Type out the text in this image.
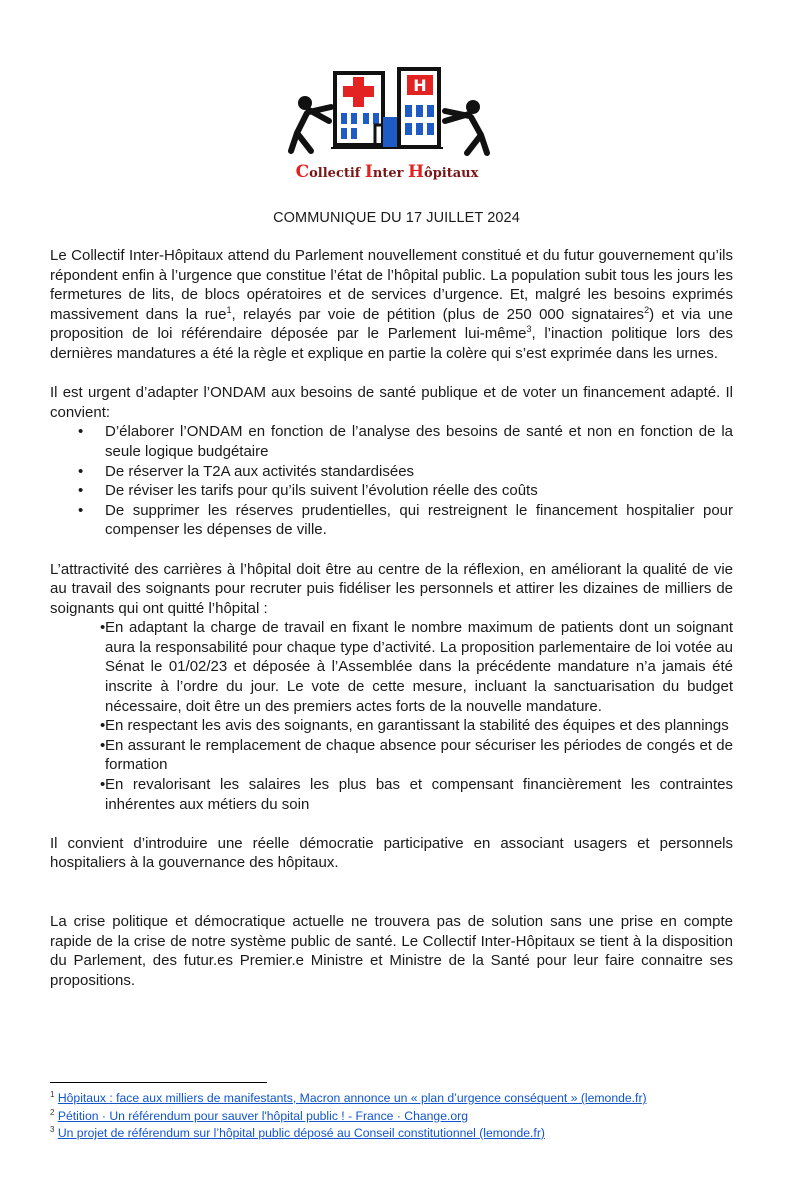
H
Collectif Inter Hôpitaux
COMMUNIQUE DU 17 JUILLET 2024

Le Collectif Inter-Hôpitaux attend du Parlement nouvellement constitué et du futur gouvernement qu’ils répondent enfin à l’urgence que constitue l’état de l’hôpital public. La population subit tous les jours les fermetures de lits, de blocs opératoires et de services d’urgence. Et, malgré les besoins exprimés massivement dans la rue$^1$, relayés par voie de pétition (plus de 250 000 signataires$^2$) et via une proposition de loi référendaire déposée par le Parlement lui-même$^3$, l’inaction politique lors des dernières mandatures a été la règle et explique en partie la colère qui s’est exprimée dans les urnes.

Il est urgent d’adapter l’ONDAM aux besoins de santé publique et de voter un financement adapté. Il convient:

• D’élaborer l’ONDAM en fonction de l’analyse des besoins de santé et non en fonction de la seule logique budgétaire
• De réserver la T2A aux activités standardisées
• De réviser les tarifs pour qu’ils suivent l’évolution réelle des coûts
• De supprimer les réserves prudentielles, qui restreignent le financement hospitalier pour compenser les dépenses de ville.

L’attractivité des carrières à l’hôpital doit être au centre de la réflexion, en améliorant la qualité de vie au travail des soignants pour recruter puis fidéliser les personnels et attirer les dizaines de milliers de soignants qui ont quitté l’hôpital :

• En adaptant la charge de travail en fixant le nombre maximum de patients dont un soignant aura la responsabilité pour chaque type d’activité. La proposition parlementaire de loi votée au Sénat le 01/02/23 et déposée à l’Assemblée dans la précédente mandature n’a jamais été inscrite à l’ordre du jour. Le vote de cette mesure, incluant la sanctuarisation du budget nécessaire, doit être un des premiers actes forts de la nouvelle mandature.
• En respectant les avis des soignants, en garantissant la stabilité des équipes et des plannings
• En assurant le remplacement de chaque absence pour sécuriser les périodes de congés et de formation
• En revalorisant les salaires les plus bas et compensant financièrement les contraintes inhérentes aux métiers du soin

Il convient d’introduire une réelle démocratie participative en associant usagers et personnels hospitaliers à la gouvernance des hôpitaux.

La crise politique et démocratique actuelle ne trouvera pas de solution sans une prise en compte rapide de la crise de notre système public de santé. Le Collectif Inter-Hôpitaux se tient à la disposition du Parlement, des futur.es Premier.e Ministre et Ministre de la Santé pour leur faire connaitre ses propositions.

$^1$ Hôpitaux : face aux milliers de manifestants, Macron annonce un « plan d’urgence conséquent » (lemonde.fr)
$^2$ Pétition · Un référendum pour sauver l'hôpital public ! - France · Change.org
$^3$ Un projet de référendum sur l’hôpital public déposé au Conseil constitutionnel (lemonde.fr)
